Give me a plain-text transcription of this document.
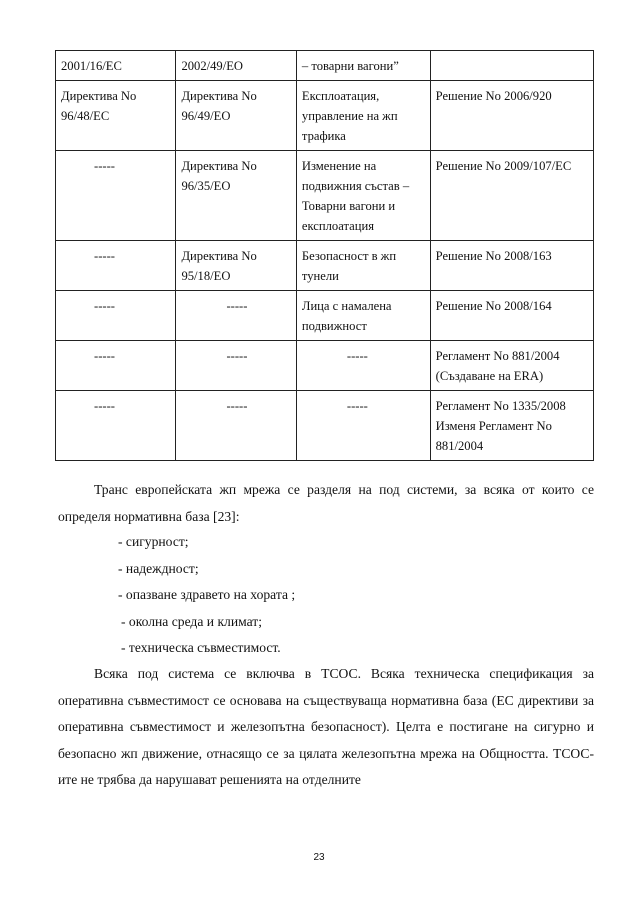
2001/16/EC	2002/49/EO	– товарни вагони”	
Директива No 96/48/EC	Директива No 96/49/EO	Експлоатация, управление на жп трафика	Решение No 2006/920

-----	Директива No 96/35/EO	Изменение на подвижния състав – Товарни вагони и експлоатация	Решение No 2009/107/EC

-----	Директива No 95/18/EO	Безопасност в жп тунели	Решение No 2008/163

-----	-----	Лица с намалена подвижност	Решение No 2008/164

-----	-----	-----	Регламент No 881/2004 (Създаване на ERA)

-----	-----	-----	Регламент No 1335/2008 Изменя Регламент No 881/2004
Транс европейската жп мрежа се разделя на под системи, за всяка от които се определя нормативна база [23]:
- сигурност;
- надеждност;
- опазване здравето на хората ;
- околна среда и климат;
- техническа съвместимост.
Всяка под система се включва в ТСОС. Всяка техническа спецификация за оперативна съвместимост се основава на съществуваща нормативна база (ЕС директиви за оперативна съвместимост и железопътна безопасност). Целта е постигане на сигурно и безопасно жп движение, отнасящо се за цялата железопътна мрежа на Общността. ТСОС-ите не трябва да нарушават решенията на отделните
23
